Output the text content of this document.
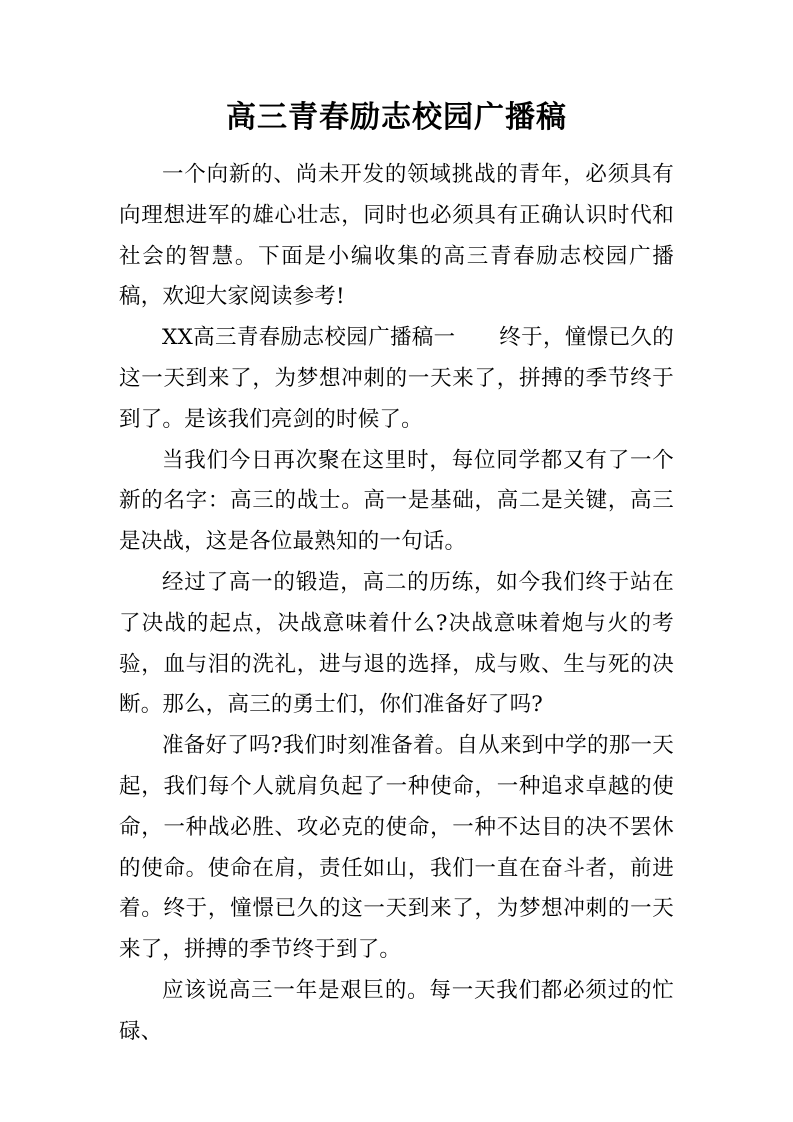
高三青春励志校园广播稿

一个向新的、尚未开发的领域挑战的青年，必须具有向理想进军的雄心壮志，同时也必须具有正确认识时代和社会的智慧。下面是小编收集的高三青春励志校园广播稿，欢迎大家阅读参考!

XX高三青春励志校园广播稿一　　终于，憧憬已久的这一天到来了，为梦想冲刺的一天来了，拼搏的季节终于到了。是该我们亮剑的时候了。

当我们今日再次聚在这里时，每位同学都又有了一个新的名字：高三的战士。高一是基础，高二是关键，高三是决战，这是各位最熟知的一句话。

经过了高一的锻造，高二的历练，如今我们终于站在了决战的起点，决战意味着什么?决战意味着炮与火的考验，血与泪的洗礼，进与退的选择，成与败、生与死的决断。那么，高三的勇士们，你们准备好了吗?

准备好了吗?我们时刻准备着。自从来到中学的那一天起，我们每个人就肩负起了一种使命，一种追求卓越的使命，一种战必胜、攻必克的使命，一种不达目的决不罢休的使命。使命在肩，责任如山，我们一直在奋斗者，前进着。终于，憧憬已久的这一天到来了，为梦想冲刺的一天来了，拼搏的季节终于到了。

应该说高三一年是艰巨的。每一天我们都必须过的忙碌、
